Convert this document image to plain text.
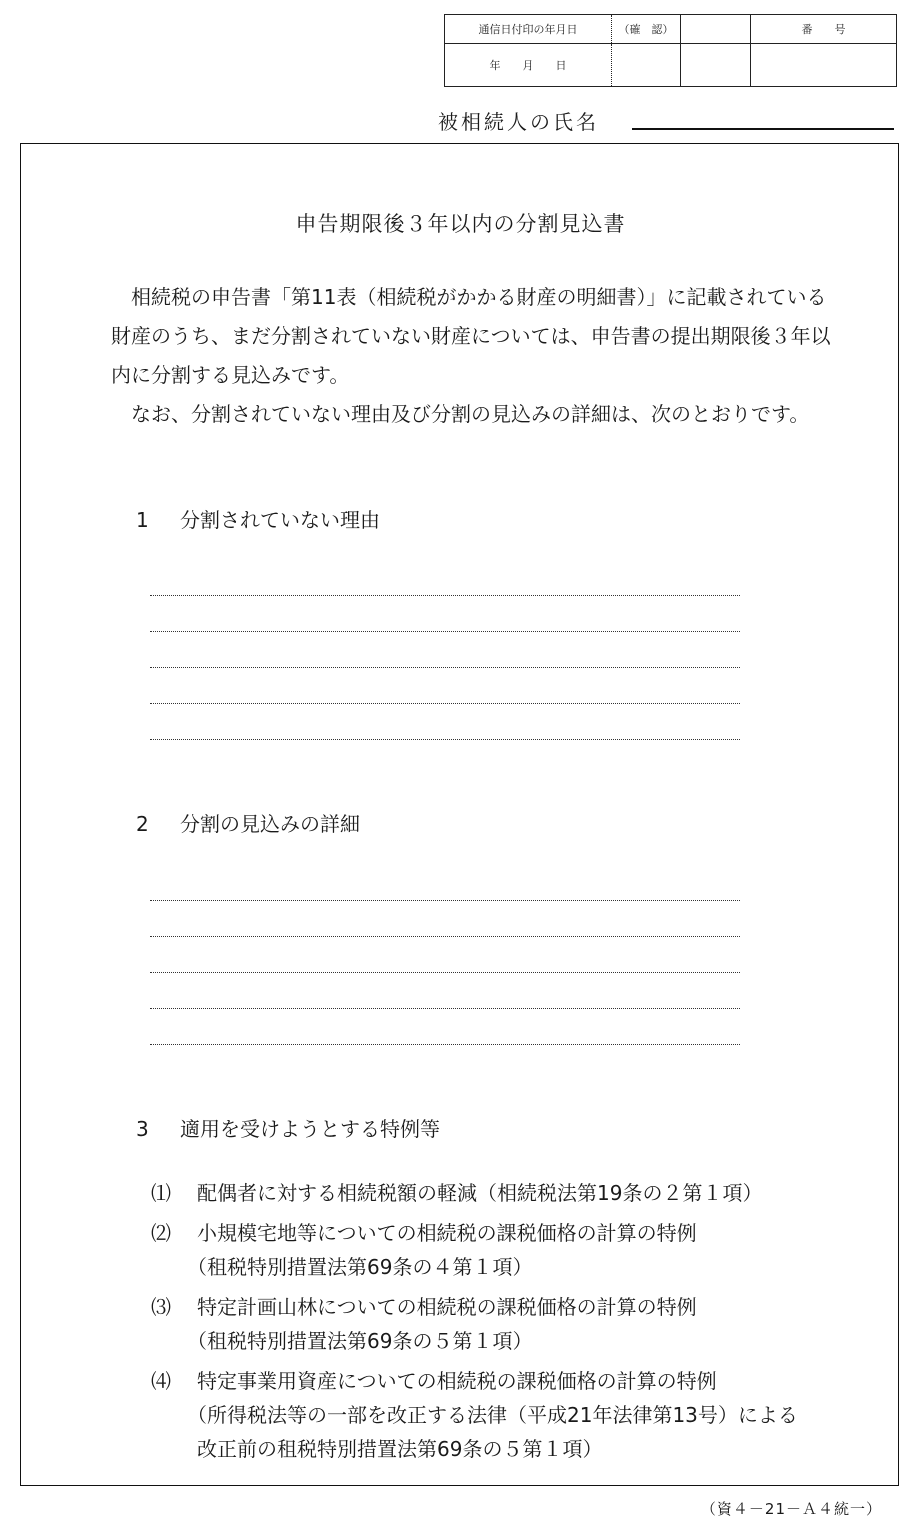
通信日付印の年月日	（確　認）		番　　号
年　　月　　日			
被相続人の氏名
申告期限後３年以内の分割見込書

相続税の申告書「第11表（相続税がかかる財産の明細書）」に記載されている財産のうち、まだ分割されていない財産については、申告書の提出期限後３年以内に分割する見込みです。

なお、分割されていない理由及び分割の見込みの詳細は、次のとおりです。

1 分割されていない理由
2 分割の見込みの詳細
3 適用を受けようとする特例等
⑴ 配偶者に対する相続税額の軽減（相続税法第19条の２第１項）
⑵ 小規模宅地等についての相続税の課税価格の計算の特例
（租税特別措置法第69条の４第１項）
⑶ 特定計画山林についての相続税の課税価格の計算の特例
（租税特別措置法第69条の５第１項）
⑷ 特定事業用資産についての相続税の課税価格の計算の特例
（所得税法等の一部を改正する法律（平成21年法律第13号）による
改正前の租税特別措置法第69条の５第１項）
（資４－21－Ａ４統一）
